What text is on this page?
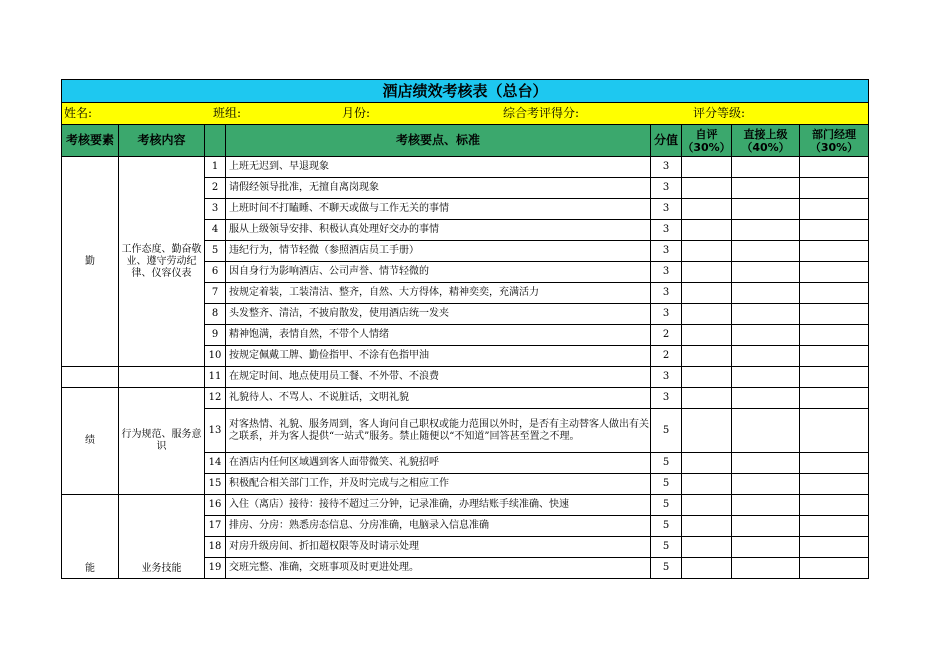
酒店绩效考核表（总台）							

姓名: 班组: 月份: 综合考评得分: 评分等级:							

考核要素	考核内容		考核要点、标准	分值	自评（30%）	直接上级（40%）	部门经理（30%）
勤	工作态度、勤奋敬业、遵守劳动纪律、仪容仪表	1	上班无迟到、早退现象	3			
		2	请假经领导批准，无擅自离岗现象	3			
		3	上班时间不打瞌睡、不聊天或做与工作无关的事情	3			
		4	服从上级领导安排、积极认真处理好交办的事情	3			
		5	违纪行为，情节轻微（参照酒店员工手册）	3			
		6	因自身行为影响酒店、公司声誉、情节轻微的	3			
		7	按规定着装，工装清洁、整齐，自然、大方得体，精神奕奕，充满活力	3			
		8	头发整齐、清洁，不披肩散发，使用酒店统一发夹	3			
		9	精神饱满，表情自然，不带个人情绪	2			
		10	按规定佩戴工牌、勤俭指甲、不涂有色指甲油	2			
		11	在规定时间、地点使用员工餐、不外带、不浪费	3			
绩	行为规范、服务意识	12	礼貌待人、不骂人、不说脏话，文明礼貌	3			
		13	对客热情、礼貌、服务周到，客人询问自己职权或能力范围以外时，是否有主动替客人做出有关之联系，并为客人提供“一站式”服务。禁止随便以“不知道”回答甚至置之不理。	5			
		14	在酒店内任何区域遇到客人面带微笑、礼貌招呼	5			
		15	积极配合相关部门工作，并及时完成与之相应工作	5			
能	业务技能	16	入住（离店）接待：接待不超过三分钟，记录准确，办理结账手续准确、快速	5			
		17	排房、分房：熟悉房态信息、分房准确，电脑录入信息准确	5			
		18	对房升级房间、折扣超权限等及时请示处理	5			
		19	交班完整、准确，交班事项及时更进处理。	5			
